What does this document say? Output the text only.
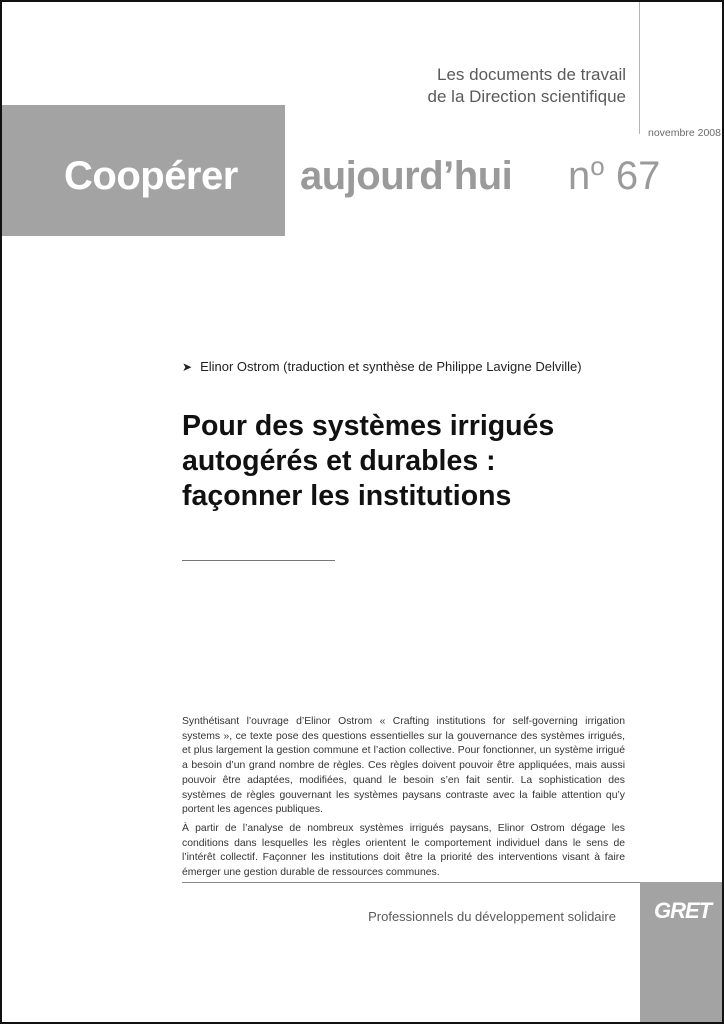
Les documents de travail
de la Direction scientifique
novembre 2008
Coopérer aujourd’hui $n^o$ 67
➤ Elinor Ostrom (traduction et synthèse de Philippe Lavigne Delville)
Pour des systèmes irrigués
autogérés et durables :
façonner les institutions

Synthétisant l’ouvrage d’Elinor Ostrom « Crafting institutions for self-governing irrigation systems », ce texte pose des questions essentielles sur la gouvernance des systèmes irrigués, et plus largement la gestion commune et l’action collective. Pour fonctionner, un système irrigué a besoin d’un grand nombre de règles. Ces règles doivent pouvoir être appliquées, mais aussi pouvoir être adaptées, modifiées, quand le besoin s’en fait sentir. La sophistication des systèmes de règles gouvernant les systèmes paysans contraste avec la faible attention qu’y portent les agences publiques.

À partir de l’analyse de nombreux systèmes irrigués paysans, Elinor Ostrom dégage les conditions dans lesquelles les règles orientent le comportement individuel dans le sens de l’intérêt collectif. Façonner les institutions doit être la priorité des interventions visant à faire émerger une gestion durable de ressources communes.

Professionnels du développement solidaire GRET
